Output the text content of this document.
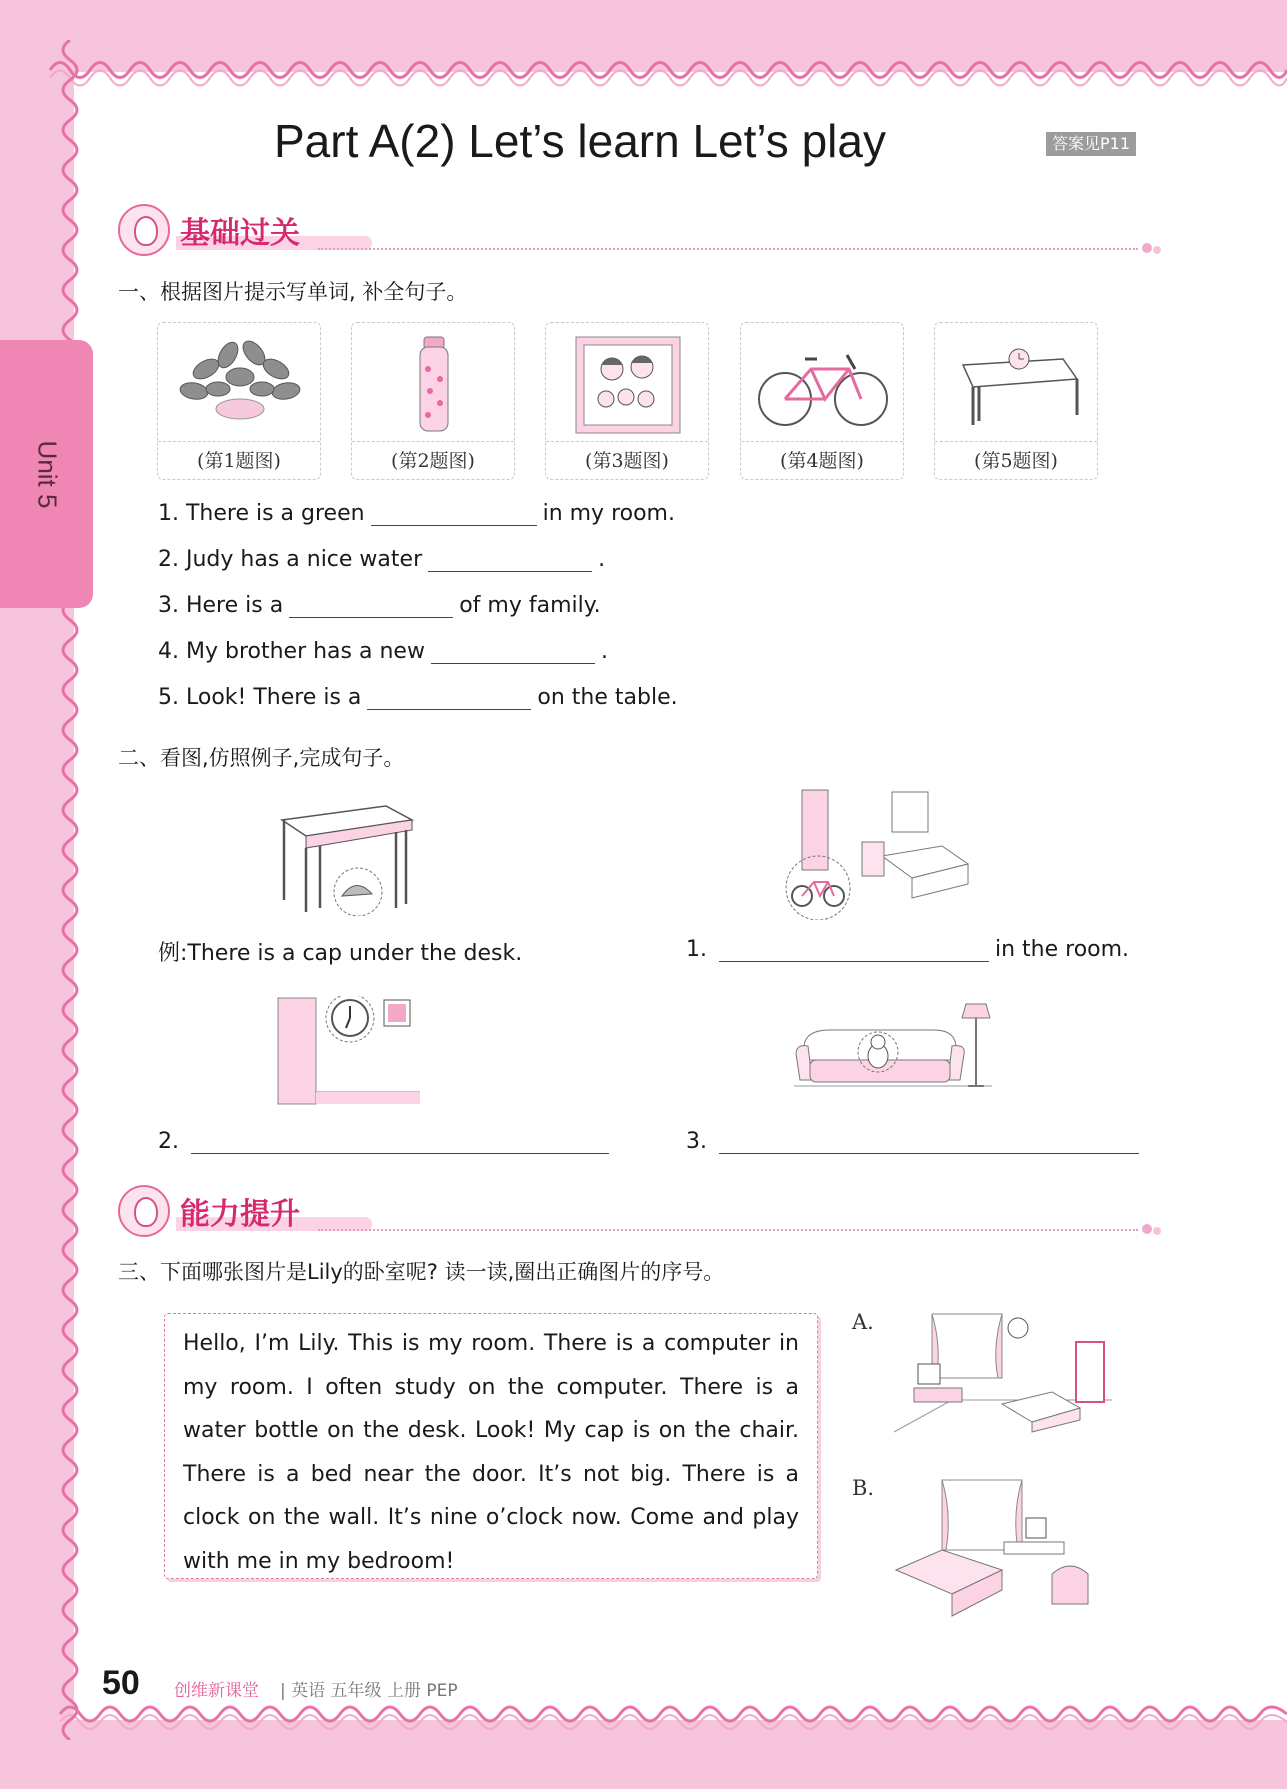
Unit 5
Part A(2) Let’s learn Let’s play	答案见P11
基础过关
一、根据图片提示写单词, 补全句子。
(第1题图)	(第2题图)	(第3题图)	(第4题图)	(第5题图)
1. There is a green	in my room.
2. Judy has a nice water	.
3. Here is a	of my family.
4. My brother has a new	.
5. Look! There is a	on the table.
二、看图,仿照例子,完成句子。
例:There is a cap under the desk.	1.	in the room.
2.	3.
能力提升
三、下面哪张图片是Lily的卧室呢? 读一读,圈出正确图片的序号。

Hello, I’m Lily. This is my room. There is a computer in my room. I often study on the computer. There is a water bottle on the desk. Look! My cap is on the chair. There is a bed near the door. It’s not big. There is a clock on the wall. It’s nine o’clock now. Come and play with me in my bedroom!

A.
B.
50 创维新课堂 | 英语 五年级 上册 PEP
